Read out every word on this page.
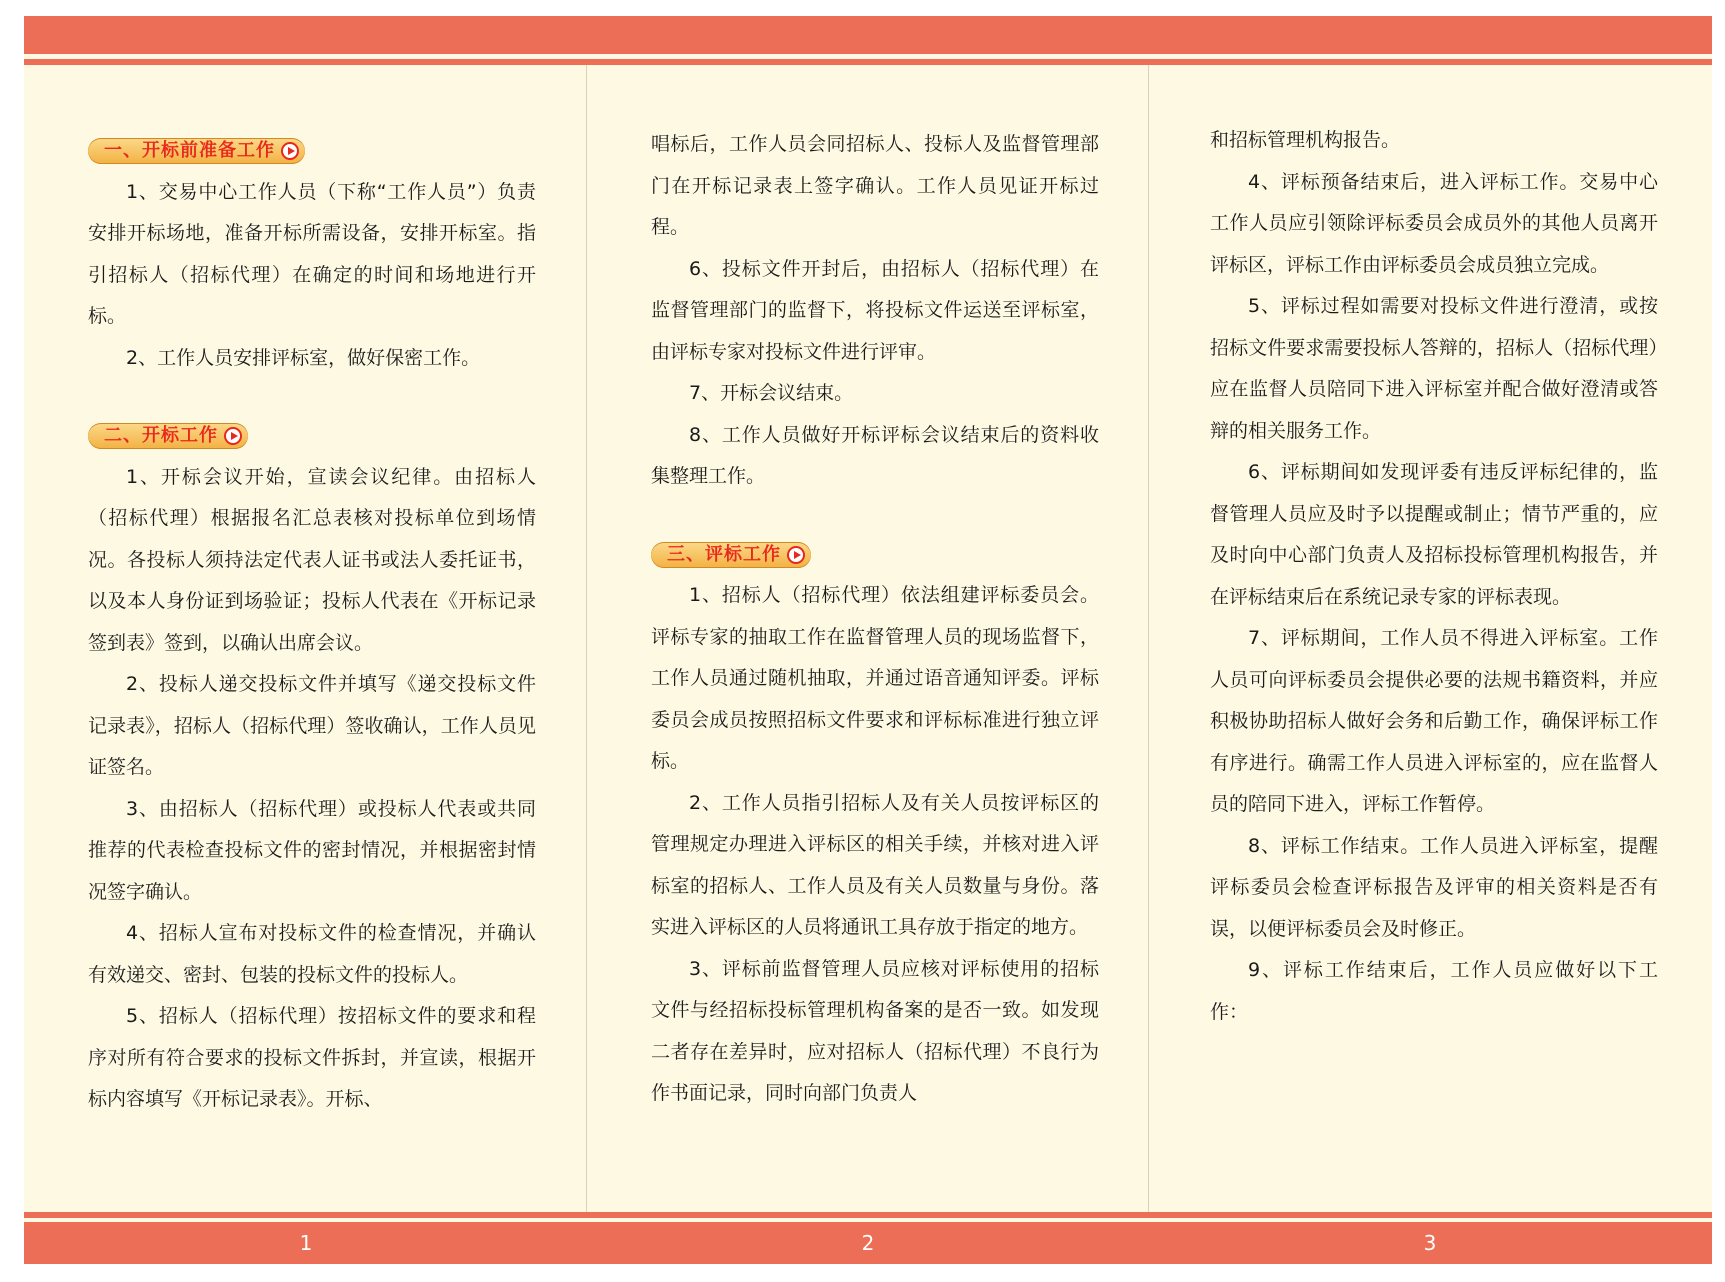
一、开标前准备工作

1、交易中心工作人员（下称“工作人员”）负责安排开标场地，准备开标所需设备，安排开标室。指引招标人（招标代理）在确定的时间和场地进行开标。

2、工作人员安排评标室，做好保密工作。

二、开标工作

1、开标会议开始，宣读会议纪律。由招标人（招标代理）根据报名汇总表核对投标单位到场情况。各投标人须持法定代表人证书或法人委托证书，以及本人身份证到场验证；投标人代表在《开标记录签到表》签到，以确认出席会议。

2、投标人递交投标文件并填写《递交投标文件记录表》，招标人（招标代理）签收确认，工作人员见证签名。

3、由招标人（招标代理）或投标人代表或共同推荐的代表检查投标文件的密封情况，并根据密封情况签字确认。

4、招标人宣布对投标文件的检查情况，并确认有效递交、密封、包装的投标文件的投标人。

5、招标人（招标代理）按招标文件的要求和程序对所有符合要求的投标文件拆封，并宣读，根据开标内容填写《开标记录表》。开标、

唱标后，工作人员会同招标人、投标人及监督管理部门在开标记录表上签字确认。工作人员见证开标过程。

6、投标文件开封后，由招标人（招标代理）在监督管理部门的监督下，将投标文件运送至评标室，由评标专家对投标文件进行评审。

7、开标会议结束。

8、工作人员做好开标评标会议结束后的资料收集整理工作。

三、评标工作

1、招标人（招标代理）依法组建评标委员会。评标专家的抽取工作在监督管理人员的现场监督下，工作人员通过随机抽取，并通过语音通知评委。评标委员会成员按照招标文件要求和评标标准进行独立评标。

2、工作人员指引招标人及有关人员按评标区的管理规定办理进入评标区的相关手续，并核对进入评标室的招标人、工作人员及有关人员数量与身份。落实进入评标区的人员将通讯工具存放于指定的地方。

3、评标前监督管理人员应核对评标使用的招标文件与经招标投标管理机构备案的是否一致。如发现二者存在差异时，应对招标人（招标代理）不良行为作书面记录，同时向部门负责人

和招标管理机构报告。

4、评标预备结束后，进入评标工作。交易中心工作人员应引领除评标委员会成员外的其他人员离开评标区，评标工作由评标委员会成员独立完成。

5、评标过程如需要对投标文件进行澄清，或按招标文件要求需要投标人答辩的，招标人（招标代理）应在监督人员陪同下进入评标室并配合做好澄清或答辩的相关服务工作。

6、评标期间如发现评委有违反评标纪律的，监督管理人员应及时予以提醒或制止；情节严重的，应及时向中心部门负责人及招标投标管理机构报告，并在评标结束后在系统记录专家的评标表现。

7、评标期间，工作人员不得进入评标室。工作人员可向评标委员会提供必要的法规书籍资料，并应积极协助招标人做好会务和后勤工作，确保评标工作有序进行。确需工作人员进入评标室的，应在监督人员的陪同下进入，评标工作暂停。

8、评标工作结束。工作人员进入评标室，提醒评标委员会检查评标报告及评审的相关资料是否有误，以便评标委员会及时修正。

9、评标工作结束后，工作人员应做好以下工作：

1	2	3
